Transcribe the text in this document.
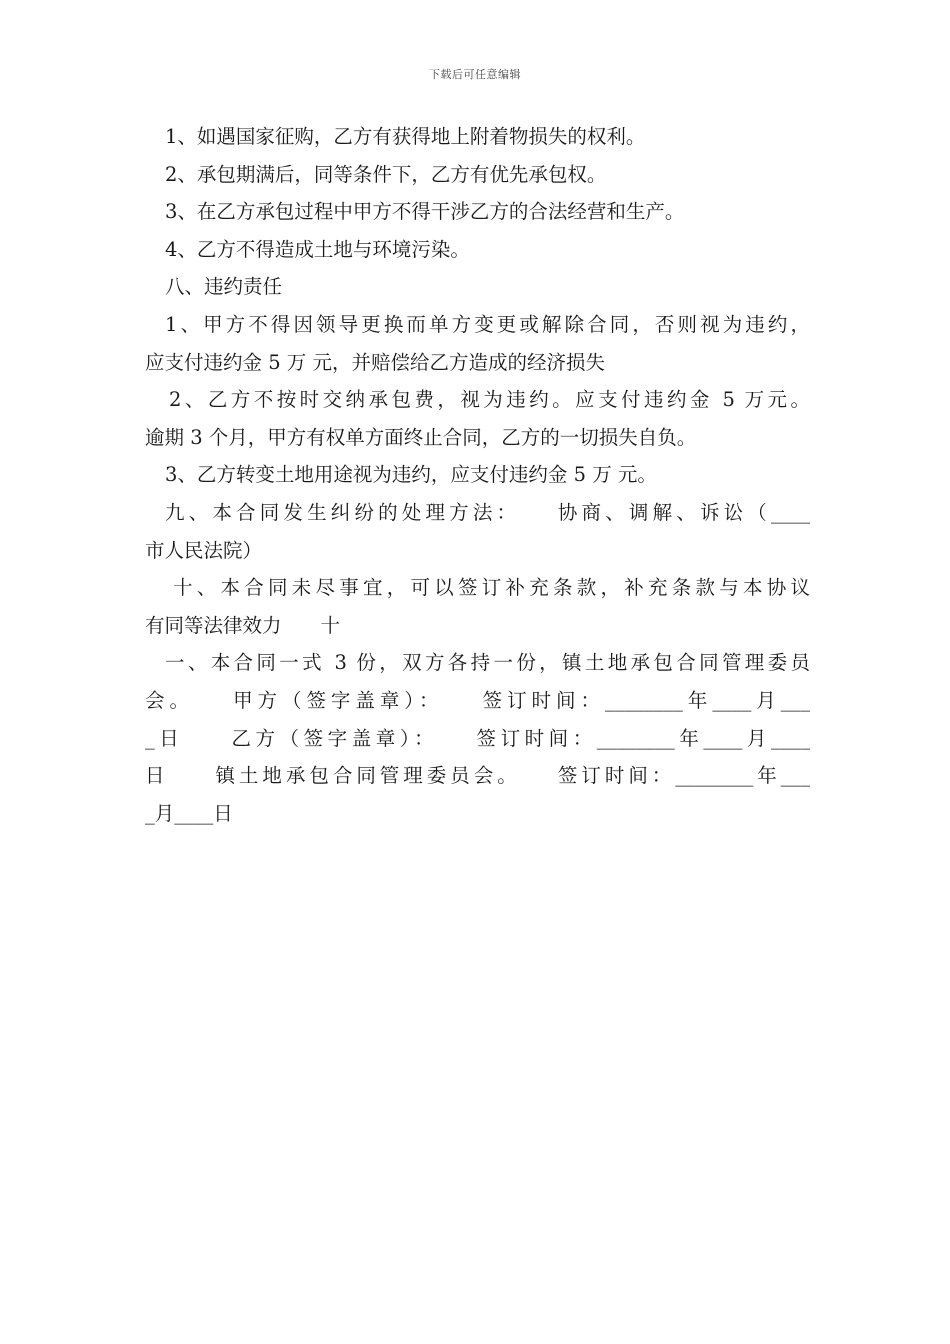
下载后可任意编辑
1、如遇国家征购，乙方有获得地上附着物损失的权利。
2、承包期满后，同等条件下，乙方有优先承包权。
3、在乙方承包过程中甲方不得干涉乙方的合法经营和生产。
4、乙方不得造成土地与环境污染。
八、违约责任
1、甲方不得因领导更换而单方变更或解除合同，否则视为违约，
应支付违约金 5 万 元，并赔偿给乙方造成的经济损失
2、乙方不按时交纳承包费，视为违约。应支付违约金 5 万元。
逾期 3 个月，甲方有权单方面终止合同，乙方的一切损失自负。
3、乙方转变土地用途视为违约，应支付违约金 5 万 元。
九、本合同发生纠纷的处理方法：　　协商、调解、诉讼（____
市人民法院）
十、本合同未尽事宜，可以签订补充条款，补充条款与本协议
有同等法律效力　　十
一、本合同一式 3 份，双方各持一份，镇土地承包合同管理委员
会。　　甲方（签字盖章）：　　签订时间：________年____月___
_日　　乙方（签字盖章）：　　签订时间：________年____月____
日　　镇土地承包合同管理委员会。　　签订时间：________年___
_月____日
